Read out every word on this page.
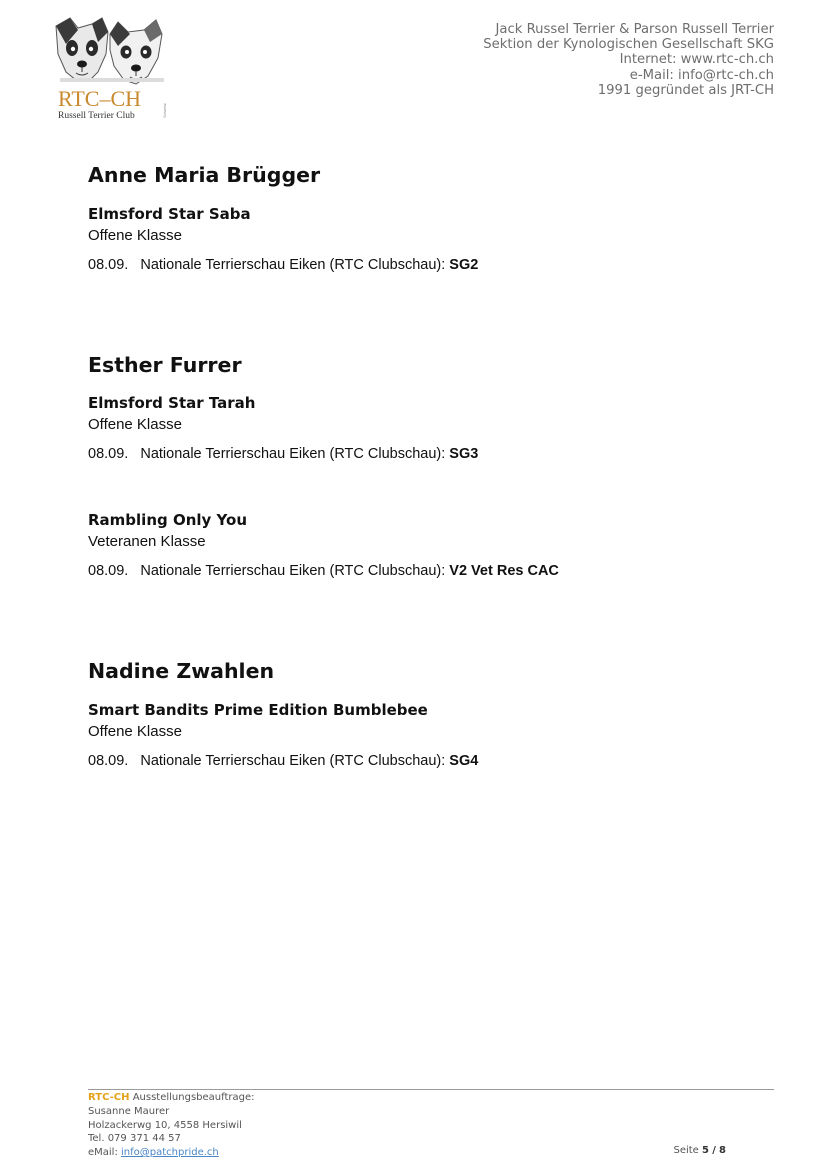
RTC–CH
Russell Terrier Club	Schweiz
Jack Russel Terrier & Parson Russell Terrier
Sektion der Kynologischen Gesellschaft SKG
Internet: www.rtc-ch.ch
e-Mail: info@rtc-ch.ch
1991 gegründet als JRT-CH
Anne Maria Brügger
Elmsford Star Saba
Offene Klasse
08.09. Nationale Terrierschau Eiken (RTC Clubschau): SG2
Esther Furrer
Elmsford Star Tarah
Offene Klasse
08.09. Nationale Terrierschau Eiken (RTC Clubschau): SG3
Rambling Only You
Veteranen Klasse
08.09. Nationale Terrierschau Eiken (RTC Clubschau): V2 Vet Res CAC
Nadine Zwahlen
Smart Bandits Prime Edition Bumblebee
Offene Klasse
08.09. Nationale Terrierschau Eiken (RTC Clubschau): SG4
RTC-CH Ausstellungsbeauftrage:
Susanne Maurer
Holzackerwg 10, 4558 Hersiwil
Tel. 079 371 44 57
eMail: info@patchpride.ch	Seite 5 / 8
